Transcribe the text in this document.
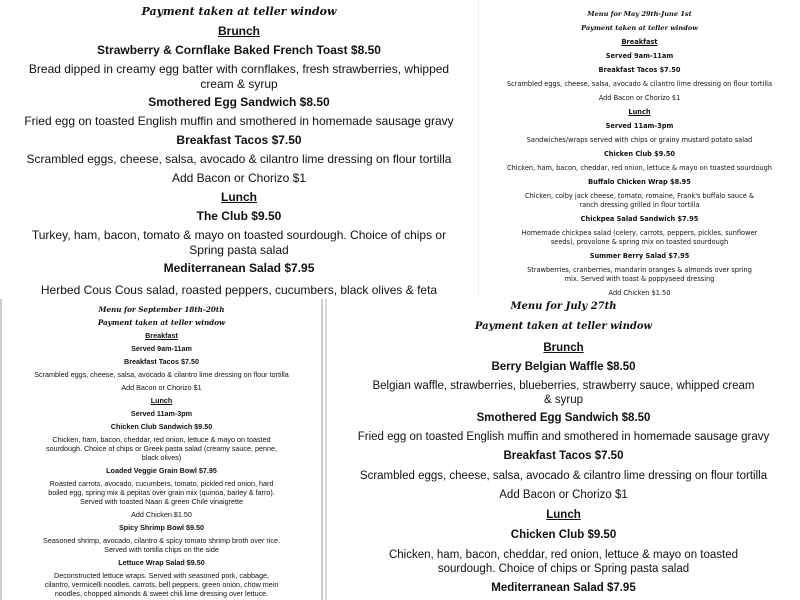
Payment taken at teller window

Brunch

Strawberry & Cornflake Baked French Toast $8.50

Bread dipped in creamy egg batter with cornflakes, fresh strawberries, whipped cream & syrup

Smothered Egg Sandwich $8.50

Fried egg on toasted English muffin and smothered in homemade sausage gravy

Breakfast Tacos $7.50

Scrambled eggs, cheese, salsa, avocado & cilantro lime dressing on flour tortilla

Add Bacon or Chorizo $1

Lunch

The Club $9.50

Turkey, ham, bacon, tomato & mayo on toasted sourdough. Choice of chips or Spring pasta salad

Mediterranean Salad $7.95

Herbed Cous Cous salad, roasted peppers, cucumbers, black olives & feta

Menu for May 29th-June 1st

Payment taken at teller window

Breakfast

Served 9am-11am

Breakfast Tacos $7.50

Scrambled eggs, cheese, salsa, avocado & cilantro lime dressing on flour tortilla

Add Bacon or Chorizo $1

Lunch

Served 11am-3pm

Sandwiches/wraps served with chips or grainy mustard potato salad

Chicken Club $9.50

Chicken, ham, bacon, cheddar, red onion, lettuce & mayo on toasted sourdough

Buffalo Chicken Wrap $8.95

Chicken, colby jack cheese, tomato, romaine, Frank's buffalo sauce & ranch dressing grilled in flour tortilla

Chickpea Salad Sandwich $7.95

Homemade chickpea salad (celery, carrots, peppers, pickles, sunflower seeds), provolone & spring mix on toasted sourdough

Summer Berry Salad $7.95

Strawberries, cranberries, mandarin oranges & almonds over spring mix. Served with toast & poppyseed dressing

Add Chicken $1.50

Menu for September 18th-20th

Payment taken at teller window

Breakfast

Served 9am-11am

Breakfast Tacos $7.50

Scrambled eggs, cheese, salsa, avocado & cilantro lime dressing on flour tortilla

Add Bacon or Chorizo $1

Lunch

Served 11am-3pm

Chicken Club Sandwich $9.50

Chicken, ham, bacon, cheddar, red onion, lettuce & mayo on toasted sourdough. Choice of chips or Greek pasta salad (creamy sauce, penne, black olives)

Loaded Veggie Grain Bowl $7.95

Roasted carrots, avocado, cucumbers, tomato, pickled red onion, hard boiled egg, spring mix & pepitas over grain mix (quinoa, barley & farro). Served with toasted Naan & green Chile vinaigrette

Add Chicken $1.50

Spicy Shrimp Bowl $9.50

Seasoned shrimp, avocado, cilantro & spicy tomato shrimp broth over rice. Served with tortilla chips on the side

Lettuce Wrap Salad $9.50

Deconstructed lettuce wraps. Served with seasoned pork, cabbage, cilantro, vermicelli noodles, carrots, bell peppers, green onion, chow mein noodles, chopped almonds & sweet chili lime dressing over lettuce.

Menu for July 27th

Payment taken at teller window

Brunch

Berry Belgian Waffle $8.50

Belgian waffle, strawberries, blueberries, strawberry sauce, whipped cream & syrup

Smothered Egg Sandwich $8.50

Fried egg on toasted English muffin and smothered in homemade sausage gravy

Breakfast Tacos $7.50

Scrambled eggs, cheese, salsa, avocado & cilantro lime dressing on flour tortilla

Add Bacon or Chorizo $1

Lunch

Chicken Club $9.50

Chicken, ham, bacon, cheddar, red onion, lettuce & mayo on toasted sourdough. Choice of chips or Spring pasta salad

Mediterranean Salad $7.95
